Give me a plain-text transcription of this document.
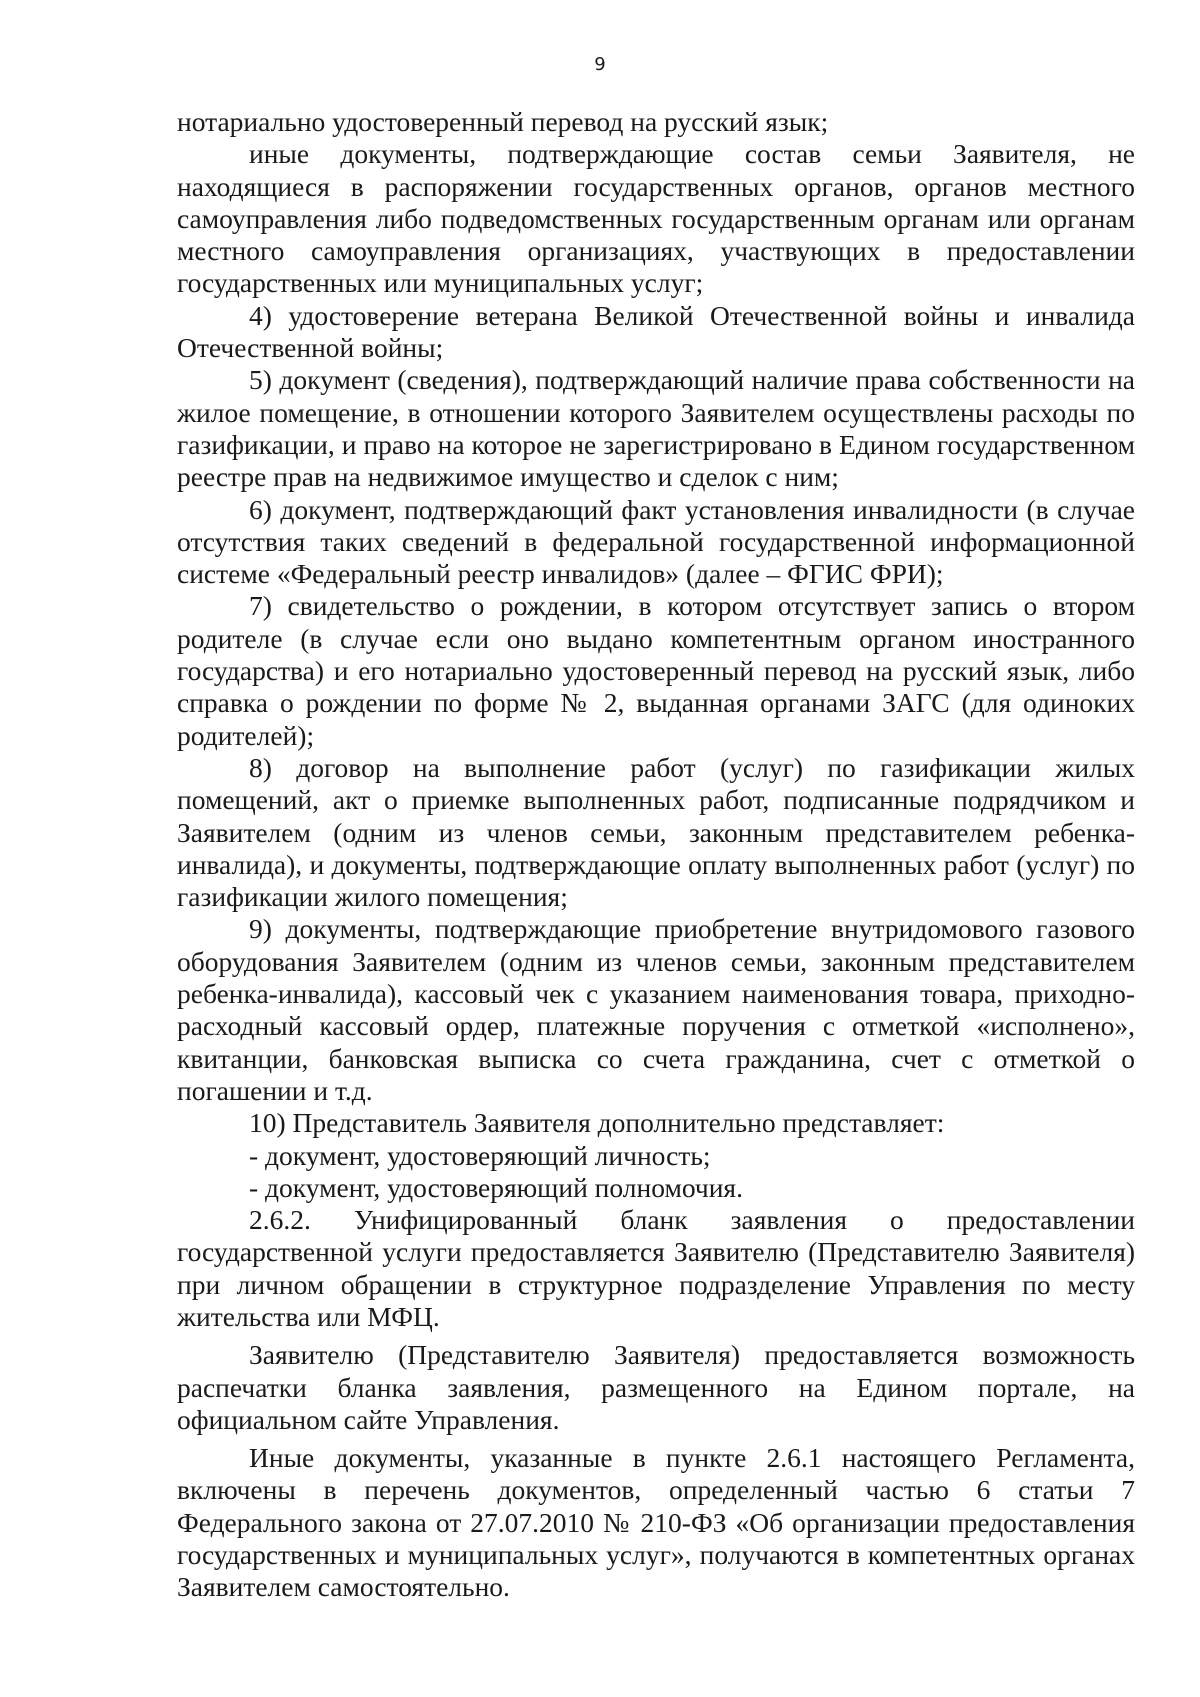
9

нотариально удостоверенный перевод на русский язык;

иные документы, подтверждающие состав семьи Заявителя, не находящиеся в распоряжении государственных органов, органов местного самоуправления либо подведомственных государственным органам или органам местного самоуправления организациях, участвующих в предоставлении государственных или муниципальных услуг;

4) удостоверение ветерана Великой Отечественной войны и инвалида Отечественной войны;

5) документ (сведения), подтверждающий наличие права собственности на жилое помещение, в отношении которого Заявителем осуществлены расходы по газификации, и право на которое не зарегистрировано в Едином государственном реестре прав на недвижимое имущество и сделок с ним;

6) документ, подтверждающий факт установления инвалидности (в случае отсутствия таких сведений в федеральной государственной информационной системе «Федеральный реестр инвалидов» (далее – ФГИС ФРИ);

7) свидетельство о рождении, в котором отсутствует запись о втором родителе (в случае если оно выдано компетентным органом иностранного государства) и его нотариально удостоверенный перевод на русский язык, либо справка о рождении по форме № 2, выданная органами ЗАГС (для одиноких родителей);

8) договор на выполнение работ (услуг) по газификации жилых помещений, акт о приемке выполненных работ, подписанные подрядчиком и Заявителем (одним из членов семьи, законным представителем ребенка-инвалида), и документы, подтверждающие оплату выполненных работ (услуг) по газификации жилого помещения;

9) документы, подтверждающие приобретение внутридомового газового оборудования Заявителем (одним из членов семьи, законным представителем ребенка-инвалида), кассовый чек с указанием наименования товара, приходно-расходный кассовый ордер, платежные поручения с отметкой «исполнено», квитанции, банковская выписка со счета гражданина, счет с отметкой о погашении и т.д.

10) Представитель Заявителя дополнительно представляет:

- документ, удостоверяющий личность;

- документ, удостоверяющий полномочия.

2.6.2. Унифицированный бланк заявления о предоставлении государственной услуги предоставляется Заявителю (Представителю Заявителя) при личном обращении в структурное подразделение Управления по месту жительства или МФЦ.

Заявителю (Представителю Заявителя) предоставляется возможность распечатки бланка заявления, размещенного на Едином портале, на официальном сайте Управления.

Иные документы, указанные в пункте 2.6.1 настоящего Регламента, включены в перечень документов, определенный частью 6 статьи 7 Федерального закона от 27.07.2010 № 210-ФЗ «Об организации предоставления государственных и муниципальных услуг», получаются в компетентных органах Заявителем самостоятельно.
